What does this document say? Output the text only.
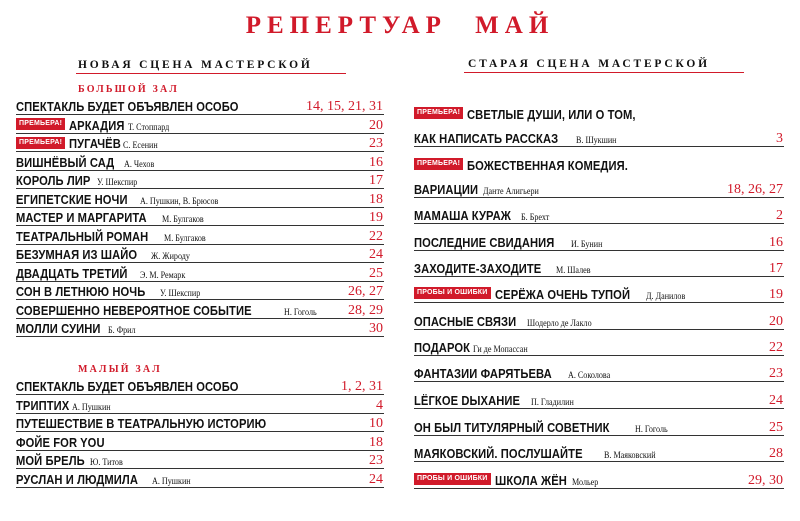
РЕПЕРТУАР МАЙ
НОВАЯ СЦЕНА МАСТЕРСКОЙ
БОЛЬШОЙ ЗАЛ
МАЛЫЙ ЗАЛ
СПЕКТАКЛЬ БУДЕТ ОБЪЯВЛЕН ОСОБО	14, 15, 21, 31
ПРЕМЬЕРА! АРКАДИЯ Т. Стоппард	20
ПРЕМЬЕРА! ПУГАЧЁВ С. Есенин	23
ВИШНЁВЫЙ САД А. Чехов	16
КОРОЛЬ ЛИР У. Шекспир	17
ЕГИПЕТСКИЕ НОЧИ А. Пушкин, В. Брюсов	18
МАСТЕР И МАРГАРИТА М. Булгаков	19
ТЕАТРАЛЬНЫЙ РОМАН М. Булгаков	22
БЕЗУМНАЯ ИЗ ШАЙО Ж. Жироду	24
ДВАДЦАТЬ ТРЕТИЙ Э. М. Ремарк	25
СОН В ЛЕТНЮЮ НОЧЬ У. Шекспир	26, 27
СОВЕРШЕННО НЕВЕРОЯТНОЕ СОБЫТИЕ	Н. Гоголь 28, 29
МОЛЛИ СУИНИ Б. Фрил	30
СПЕКТАКЛЬ БУДЕТ ОБЪЯВЛЕН ОСОБО	1, 2, 31
ТРИПТИХ А. Пушкин	4
ПУТЕШЕСТВИЕ В ТЕАТРАЛЬНУЮ ИСТОРИЮ	10
ФОЙЕ FOR YOU	18
МОЙ БРЕЛЬ Ю. Титов	23
РУСЛАН И ЛЮДМИЛА А. Пушкин	24
СТАРАЯ СЦЕНА МАСТЕРСКОЙ
ПРЕМЬЕРА! СВЕТЛЫЕ ДУШИ, ИЛИ О ТОМ,
КАК НАПИСАТЬ РАССКАЗ В. Шукшин	3
ПРЕМЬЕРА! БОЖЕСТВЕННАЯ КОМЕДИЯ.
ВАРИАЦИИ Данте Алигьери	18, 26, 27
МАМАША КУРАЖ Б. Брехт	2
ПОСЛЕДНИЕ СВИДАНИЯ И. Бунин	16
ЗАХОДИТЕ-ЗАХОДИТЕ М. Шалев	17
ПРОБЫ И ОШИБКИ СЕРЁЖА ОЧЕНЬ ТУПОЙ Д. Данилов	19
ОПАСНЫЕ СВЯЗИ Шодерло де Лакло	20
ПОДАРОК Ги де Мопассан	22
ФАНТАЗИИ ФАРЯТЬЕВА А. Соколова	23
LЁГКОЕ DЫХАНИЕ П. Гладилин	24
ОН БЫЛ ТИТУЛЯРНЫЙ СОВЕТНИК	Н. Гоголь	25
МАЯКОВСКИЙ. ПОСЛУШАЙТЕ В. Маяковский	28
ПРОБЫ И ОШИБКИ ШКОЛА ЖЁН Мольер	29, 30
